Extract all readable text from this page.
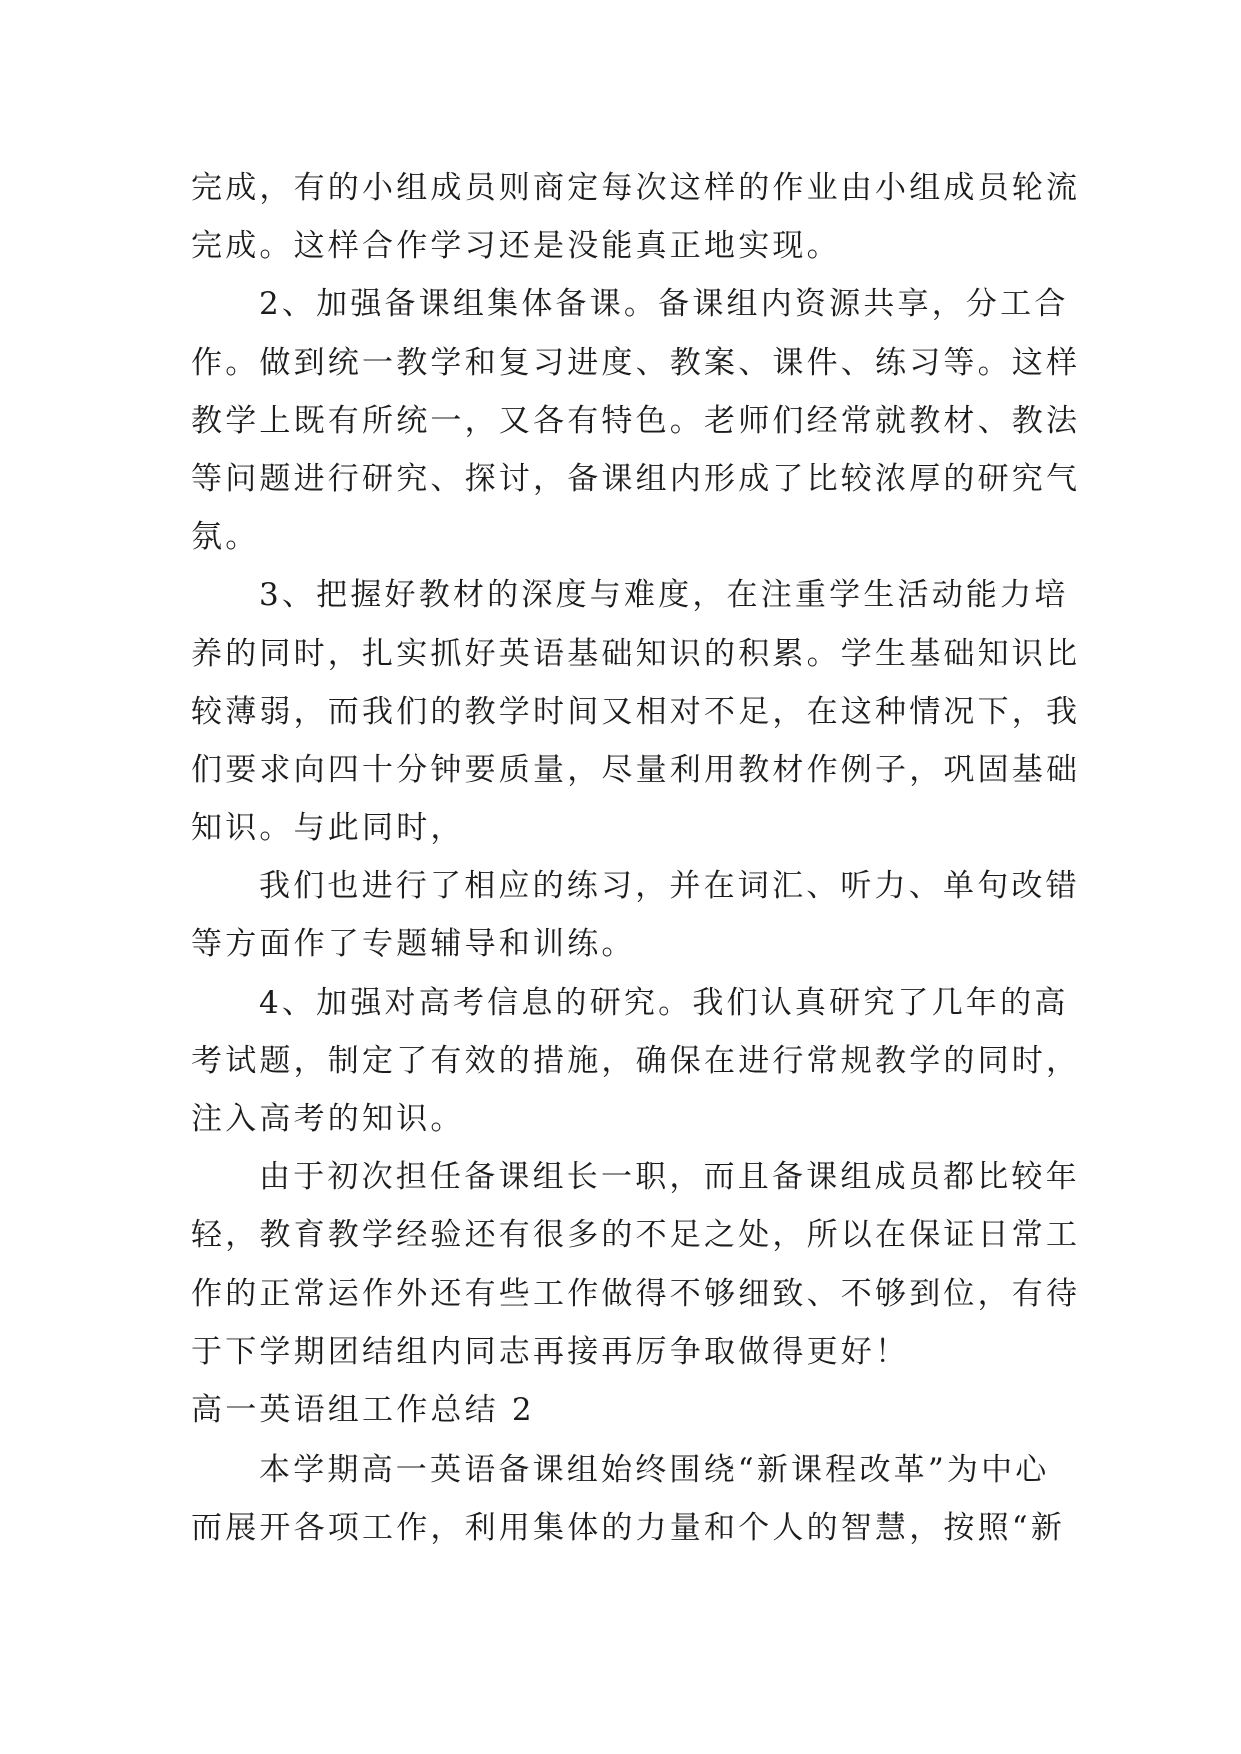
完成，有的小组成员则商定每次这样的作业由小组成员轮流
完成。这样合作学习还是没能真正地实现。
2、加强备课组集体备课。备课组内资源共享，分工合
作。做到统一教学和复习进度、教案、课件、练习等。这样
教学上既有所统一，又各有特色。老师们经常就教材、教法
等问题进行研究、探讨，备课组内形成了比较浓厚的研究气
氛。
3、把握好教材的深度与难度，在注重学生活动能力培
养的同时，扎实抓好英语基础知识的积累。学生基础知识比
较薄弱，而我们的教学时间又相对不足，在这种情况下，我
们要求向四十分钟要质量，尽量利用教材作例子，巩固基础
知识。与此同时，
我们也进行了相应的练习，并在词汇、听力、单句改错
等方面作了专题辅导和训练。
4、加强对高考信息的研究。我们认真研究了几年的高
考试题，制定了有效的措施，确保在进行常规教学的同时，
注入高考的知识。
由于初次担任备课组长一职，而且备课组成员都比较年
轻，教育教学经验还有很多的不足之处，所以在保证日常工
作的正常运作外还有些工作做得不够细致、不够到位，有待
于下学期团结组内同志再接再厉争取做得更好！
高一英语组工作总结 2
本学期高一英语备课组始终围绕“新课程改革”为中心
而展开各项工作，利用集体的力量和个人的智慧，按照“新
